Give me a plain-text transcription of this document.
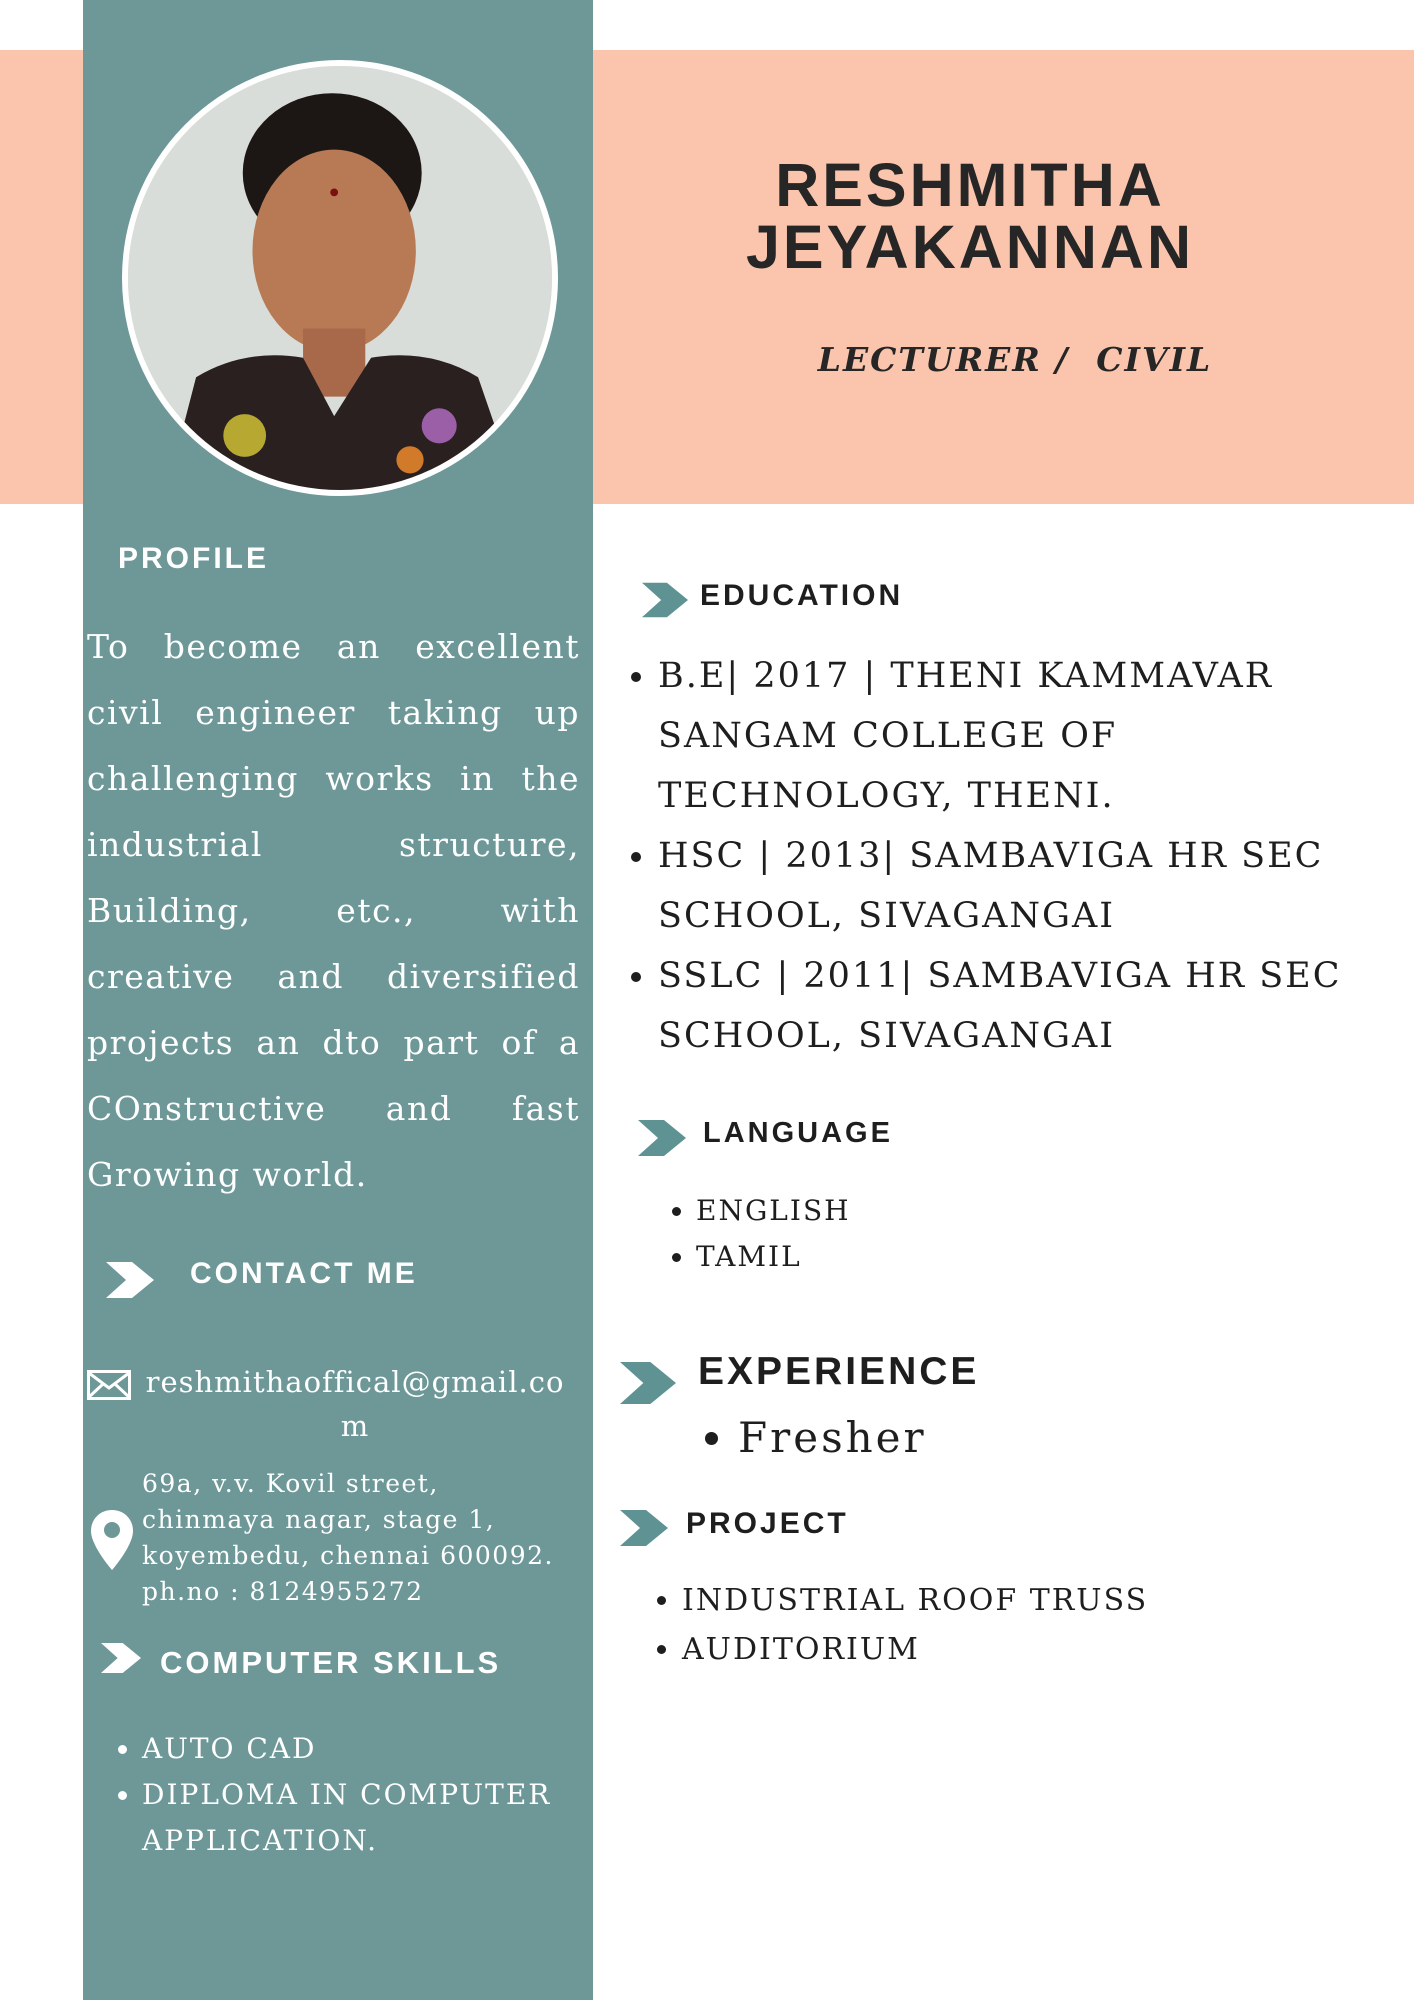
RESHMITHA
JEYAKANNAN
LECTURER /  CIVIL
PROFILE
To become an excellent civil engineer taking up challenging works in the industrial structure, Building, etc., with creative and diversified projects an dto part of a COnstructive and fast Growing world.
CONTACT ME
reshmithaoffical@gmail.com
69a, v.v. Kovil street,
chinmaya nagar, stage 1,
koyembedu, chennai 600092.
ph.no : 8124955272
COMPUTER SKILLS
• AUTO CAD
• DIPLOMA IN COMPUTER APPLICATION.
EDUCATION
• B.E| 2017 | THENI KAMMAVAR SANGAM COLLEGE OF TECHNOLOGY, THENI.
• HSC | 2013| SAMBAVIGA HR SEC SCHOOL, SIVAGANGAI
• SSLC | 2011| SAMBAVIGA HR SEC SCHOOL, SIVAGANGAI
LANGUAGE
• ENGLISH
• TAMIL
EXPERIENCE
• Fresher
PROJECT
• INDUSTRIAL ROOF TRUSS
• AUDITORIUM
